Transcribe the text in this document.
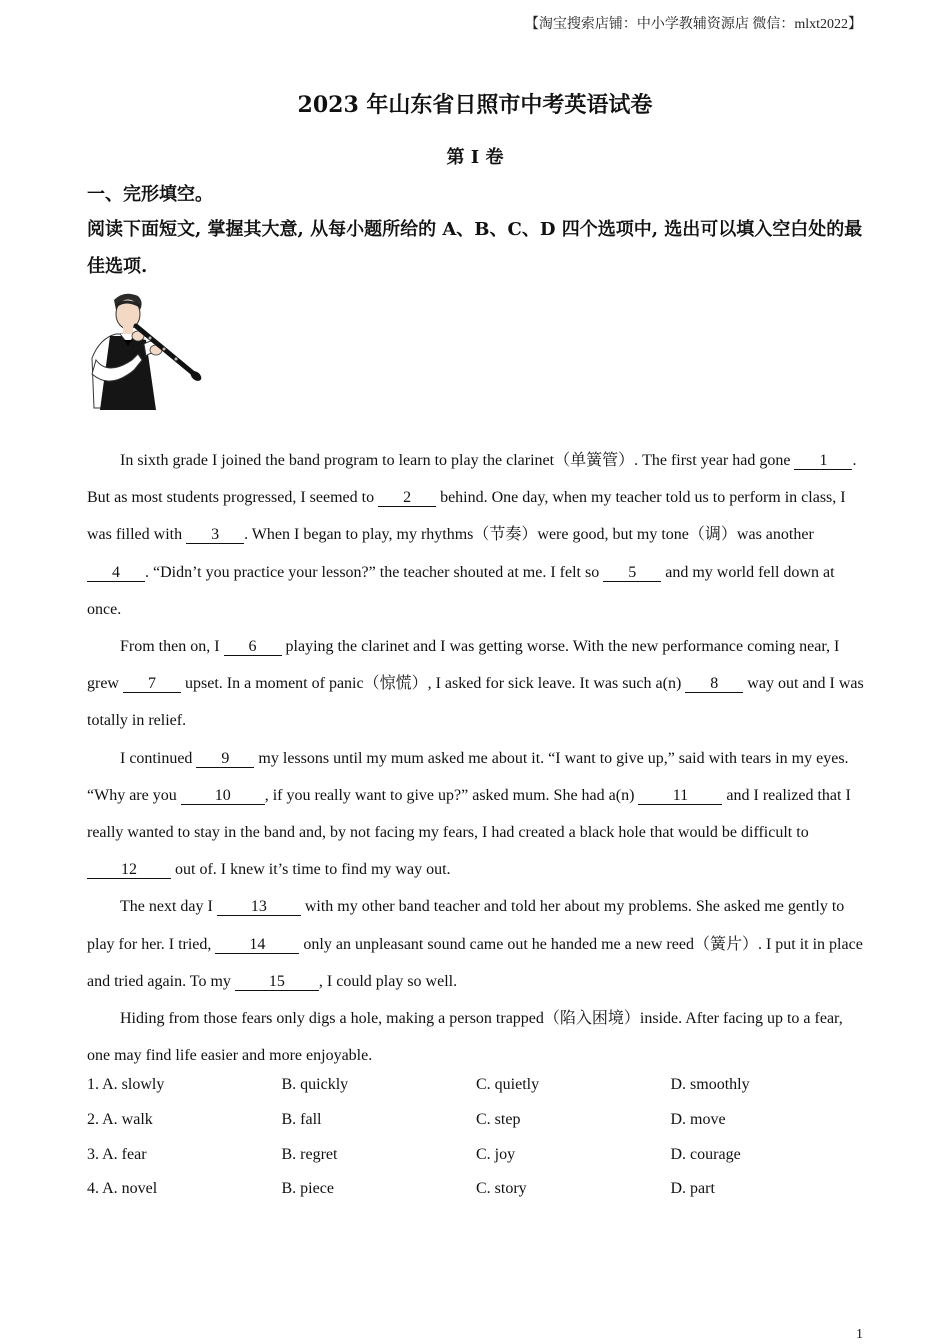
【淘宝搜索店铺：中小学教辅资源店 微信：mlxt2022】
2023 年山东省日照市中考英语试卷
第 I 卷
一、完形填空。
阅读下面短文, 掌握其大意, 从每小题所给的 A、B、C、D 四个选项中, 选出可以填入空白处的最佳选项.

In sixth grade I joined the band program to learn to play the clarinet（单簧管）. The first year had gone 1 . But as most students progressed, I seemed to 2 behind. One day, when my teacher told us to perform in class, I was filled with 3 . When I began to play, my rhythms（节奏）were good, but my tone（调）was another 4 . “Didn’t you practice your lesson?” the teacher shouted at me. I felt so 5 and my world fell down at once.

From then on, I 6 playing the clarinet and I was getting worse. With the new performance coming near, I grew 7 upset. In a moment of panic（惊慌）, I asked for sick leave. It was such a(n) 8 way out and I was totally in relief.

I continued 9 my lessons until my mum asked me about it. “I want to give up,” said with tears in my eyes. “Why are you 10 , if you really want to give up?” asked mum. She had a(n) 11 and I realized that I really wanted to stay in the band and, by not facing my fears, I had created a black hole that would be difficult to 12 out of. I knew it’s time to find my way out.

The next day I 13 with my other band teacher and told her about my problems. She asked me gently to play for her. I tried, 14 only an unpleasant sound came out he handed me a new reed（簧片）. I put it in place and tried again. To my 15 , I could play so well.

Hiding from those fears only digs a hole, making a person trapped（陷入困境）inside. After facing up to a fear, one may find life easier and more enjoyable.

1. A. slowly	B. quickly	C. quietly	D. smoothly
2. A. walk	B. fall	C. step	D. move
3. A. fear	B. regret	C. joy	D. courage
4. A. novel	B. piece	C. story	D. part
1
